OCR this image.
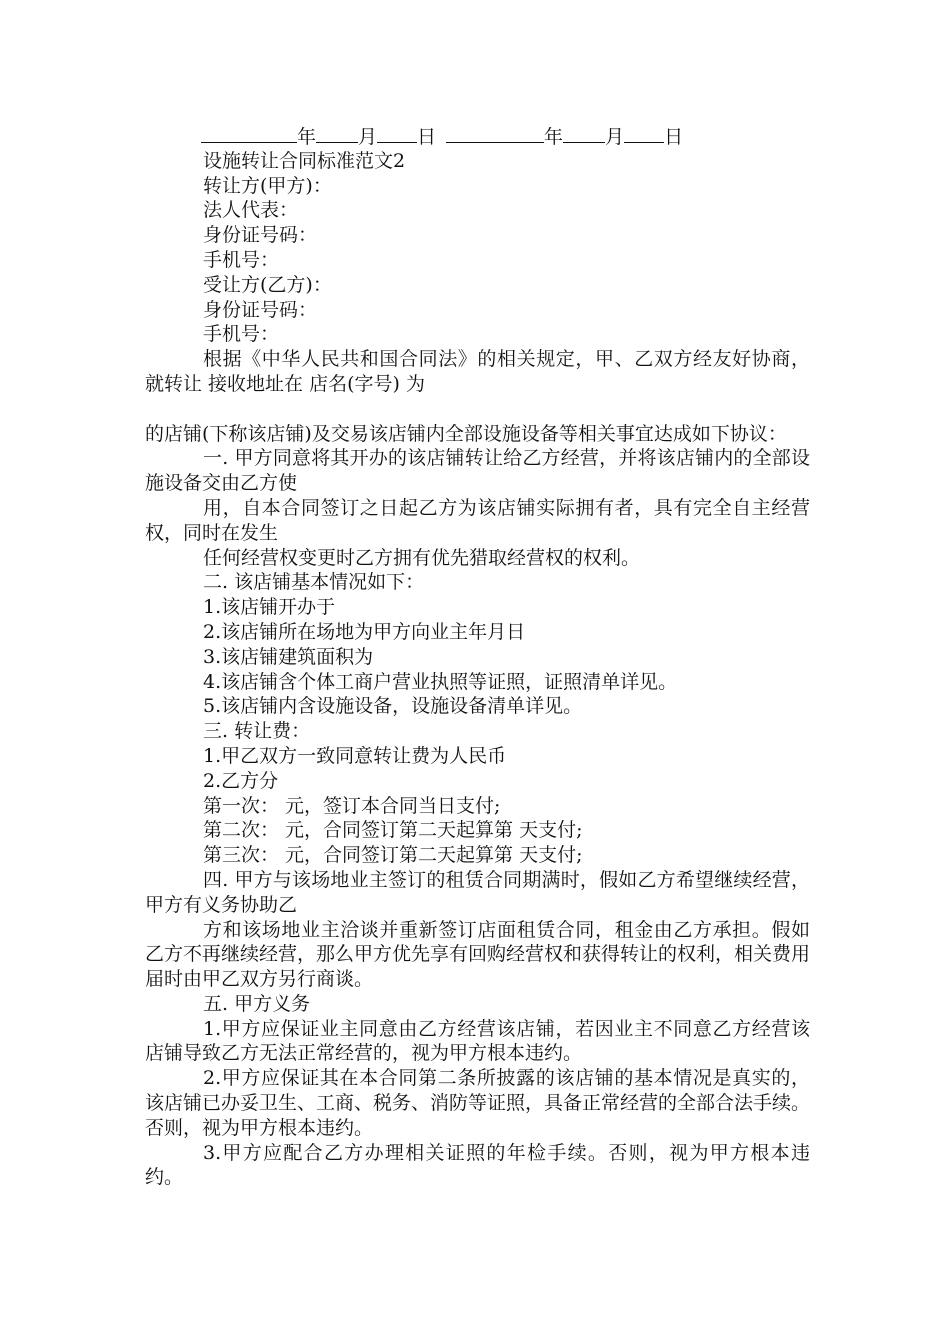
年 月 日	年 月 日
设施转让合同标准范文2
转让方(甲方)：
法人代表：
身份证号码：
手机号：
受让方(乙方)：
身份证号码：
手机号：
根据《中华人民共和国合同法》的相关规定，甲、乙双方经友好协商，就转让 接收地址在 店名(字号) 为
的店铺(下称该店铺)及交易该店铺内全部设施设备等相关事宜达成如下协议：
一. 甲方同意将其开办的该店铺转让给乙方经营，并将该店铺内的全部设施设备交由乙方使
用，自本合同签订之日起乙方为该店铺实际拥有者，具有完全自主经营权，同时在发生
任何经营权变更时乙方拥有优先猎取经营权的权利。
二. 该店铺基本情况如下：
1.该店铺开办于
2.该店铺所在场地为甲方向业主年月日
3.该店铺建筑面积为
4.该店铺含个体工商户营业执照等证照，证照清单详见。
5.该店铺内含设施设备，设施设备清单详见。
三. 转让费：
1.甲乙双方一致同意转让费为人民币
2.乙方分
第一次： 元，签订本合同当日支付;
第二次： 元，合同签订第二天起算第 天支付;
第三次： 元，合同签订第二天起算第 天支付;
四. 甲方与该场地业主签订的租赁合同期满时，假如乙方希望继续经营，甲方有义务协助乙
方和该场地业主洽谈并重新签订店面租赁合同，租金由乙方承担。假如乙方不再继续经营，那么甲方优先享有回购经营权和获得转让的权利，相关费用届时由甲乙双方另行商谈。
五. 甲方义务
1.甲方应保证业主同意由乙方经营该店铺，若因业主不同意乙方经营该店铺导致乙方无法正常经营的，视为甲方根本违约。
2.甲方应保证其在本合同第二条所披露的该店铺的基本情况是真实的，该店铺已办妥卫生、工商、税务、消防等证照，具备正常经营的全部合法手续。否则，视为甲方根本违约。
3.甲方应配合乙方办理相关证照的年检手续。否则，视为甲方根本违约。
